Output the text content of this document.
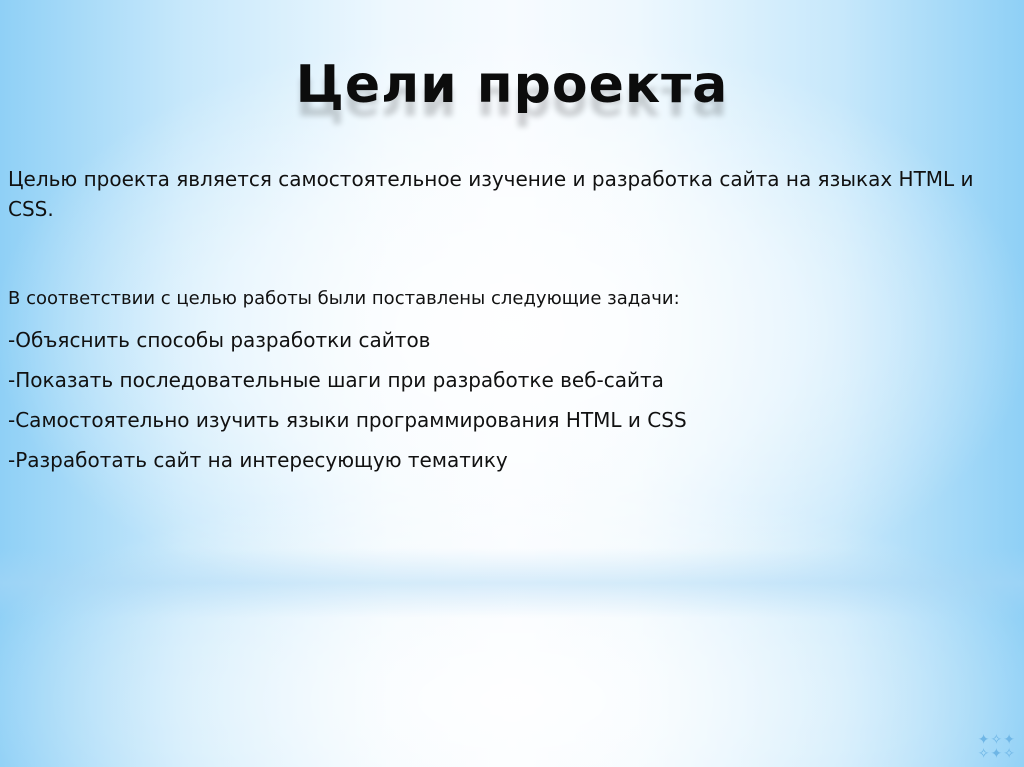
Цели проекта

Целью проекта является самостоятельное изучение и разработка сайта на языках HTML и CSS.

В соответствии с целью работы были поставлены следующие задачи:

-Объяснить способы разработки сайтов
-Показать последовательные шаги при разработке веб-сайта
-Самостоятельно изучить языки программирования HTML и CSS
-Разработать сайт на интересующую тематику
✦✧✦
✧✦✧
